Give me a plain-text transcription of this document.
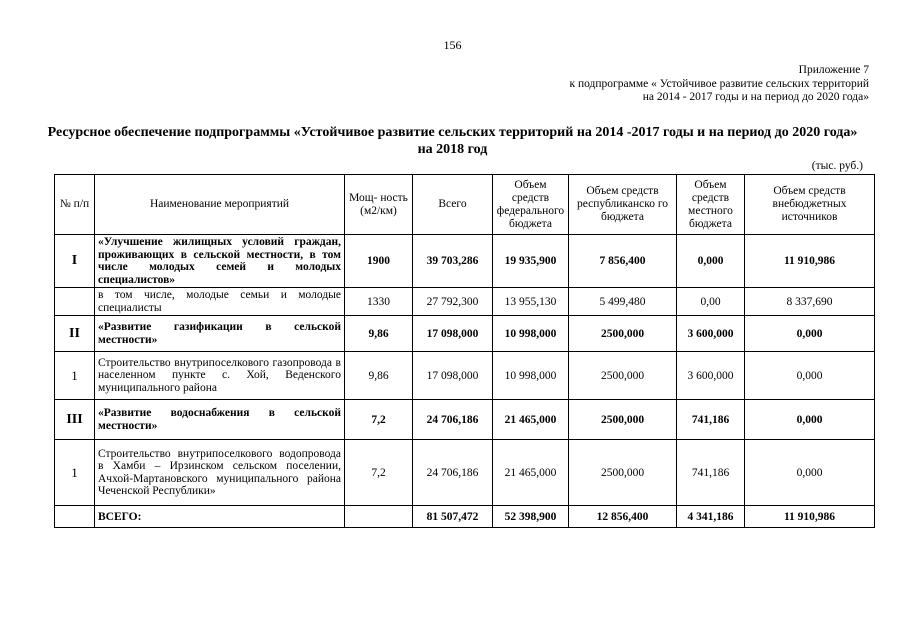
156
Приложение 7
к подпрограмме « Устойчивое развитие сельских территорий
на 2014 - 2017 годы и на период до 2020 года»
Ресурсное обеспечение подпрограммы «Устойчивое развитие сельских территорий на 2014 -2017 годы и на период до 2020 года» на 2018 год
(тыс. руб.)
№ п/п	Наименование мероприятий	Мощ- ность (м2/км)	Всего	Объем средств федерального бюджета	Объем средств республиканско го бюджета	Объем средств местного бюджета	Объем средств внебюджетных источников
I	«Улучшение жилищных условий граждан, проживающих в сельской местности, в том числе молодых семей и молодых специалистов»	1900	39 703,286	19 935,900	7 856,400	0,000	11 910,986
	в том числе, молодые семьи и молодые специалисты	1330	27 792,300	13 955,130	5 499,480	0,00	8 337,690
II	«Развитие газификации в сельской местности»	9,86	17 098,000	10 998,000	2500,000	3 600,000	0,000
1	Строительство внутрипоселкового газопровода в населенном пункте с. Хой, Веденского муниципального района	9,86	17 098,000	10 998,000	2500,000	3 600,000	0,000
III	«Развитие водоснабжения в сельской местности»	7,2	24 706,186	21 465,000	2500,000	741,186	0,000
1	Строительство внутрипоселкового водопровода в Хамби – Ирзинском сельском поселении, Ачхой-Мартановского муниципального района Чеченской Республики»	7,2	24 706,186	21 465,000	2500,000	741,186	0,000
	ВСЕГО:		81 507,472	52 398,900	12 856,400	4 341,186	11 910,986
